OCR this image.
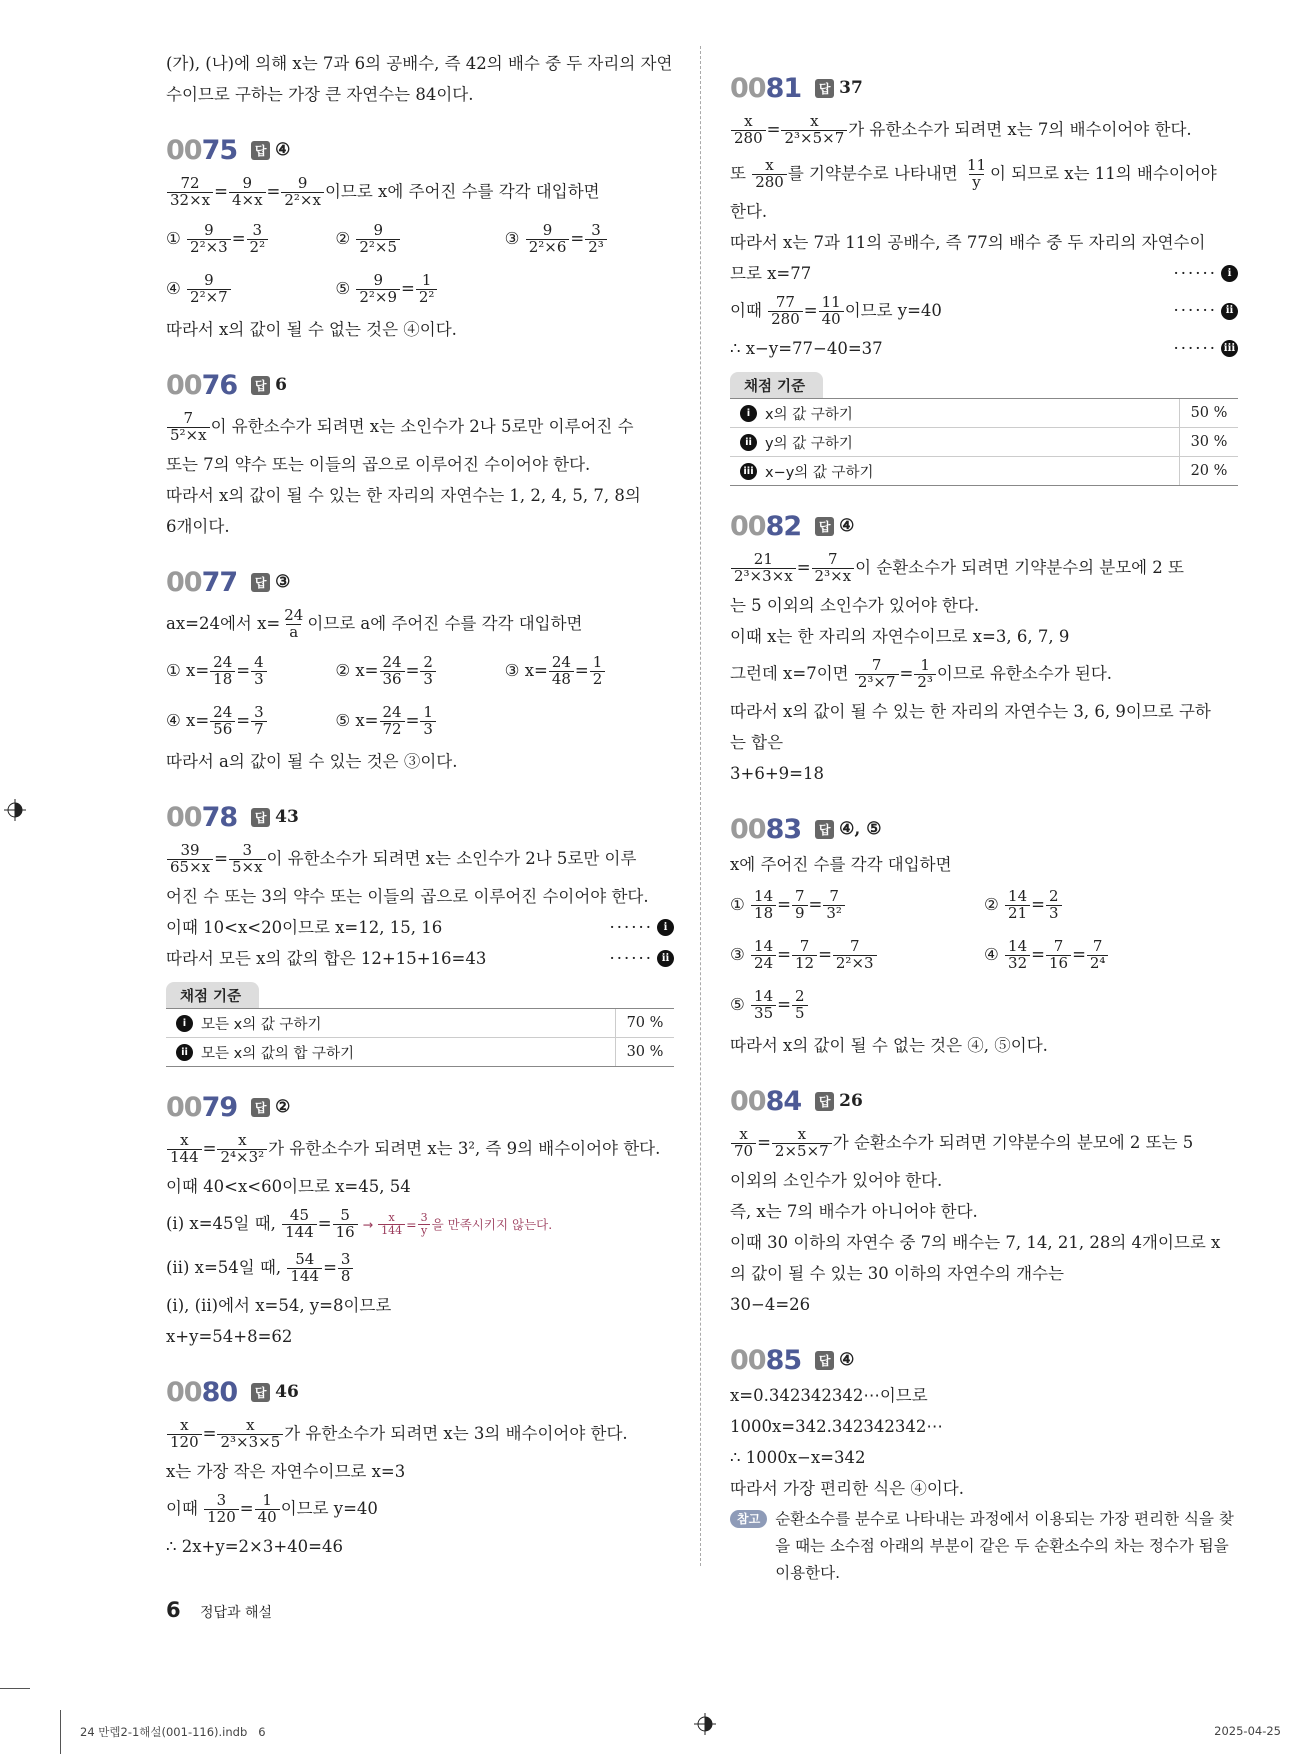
(가), (나)에 의해 x는 7과 6의 공배수, 즉 42의 배수 중 두 자리의 자연
수이므로 구하는 가장 큰 자연수는 84이다.
0075	답 ④
$\frac{72}{32\times x} = \frac{9}{4\times x} = \frac{9}{\text{2²×x}}$ 이므로 x에 주어진 수를 각각 대입하면
① $\frac{9}{\text{2²×3}} = \frac{3}{\text{2²}}$	② $\frac{9}{\text{2²×5}}$	③ $\frac{9}{\text{2²×6}} = \frac{3}{\text{2³}}$
④ $\frac{9}{\text{2²×7}}$	⑤ $\frac{9}{\text{2²×9}} = \frac{1}{\text{2²}}$
따라서 x의 값이 될 수 없는 것은 ④이다.
0076	답 6
$\frac{7}{\text{5²×x}}$ 이 유한소수가 되려면 x는 소인수가 2나 5로만 이루어진 수
또는 7의 약수 또는 이들의 곱으로 이루어진 수이어야 한다.
따라서 x의 값이 될 수 있는 한 자리의 자연수는 1, 2, 4, 5, 7, 8의
6개이다.
0077	답 ③
ax=24에서 $x= \frac{24}{a}$ 이므로 a에 주어진 수를 각각 대입하면
① $x= \frac{24}{18} = \frac{4}{3}$	② $x= \frac{24}{36} = \frac{2}{3}$	③ $x= \frac{24}{48} = \frac{1}{2}$
④ $x= \frac{24}{56} = \frac{3}{7}$	⑤ $x= \frac{24}{72} = \frac{1}{3}$
따라서 a의 값이 될 수 있는 것은 ③이다.
0078	답 43
$\frac{39}{65\times x} = \frac{3}{5\times x}$ 이 유한소수가 되려면 x는 소인수가 2나 5로만 이루
어진 수 또는 3의 약수 또는 이들의 곱으로 이루어진 수이어야 한다.
이때 10<x<20이므로 x=12, 15, 16	······	i
따라서 모든 x의 값의 합은 12+15+16=43	······ ii
채점 기준
i	모든 x의 값 구하기	70 %
ii 모든 x의 값의 합 구하기	30 %
0079	답 ②
$\frac{x}{144} = \frac{x}{\text{2⁴×3²}}$ 가 유한소수가 되려면 x는 3², 즉 9의 배수이어야 한다.
이때 40<x<60이므로 x=45, 54
(ⅰ) x=45일 때, $\frac{45}{144} = \frac{5}{16} \to \frac{x}{144} = \frac{3}{y}$ 을 만족시키지 않는다.
(ⅱ) x=54일 때, $\frac{54}{144} = \frac{3}{8}$
(ⅰ), (ⅱ)에서 x=54, y=8이므로
x+y=54+8=62
0080	답 46
$\frac{x}{120} = \frac{x}{\text{2³×3×5}}$ 가 유한소수가 되려면 x는 3의 배수이어야 한다.
x는 가장 작은 자연수이므로 x=3
이때 $\frac{3}{120} = \frac{1}{40}$ 이므로 y=40
∴ 2x+y=2×3+40=46
0081	답 37
$\frac{x}{280} = \frac{x}{\text{2³×5×7}}$ 가 유한소수가 되려면 x는 7의 배수이어야 한다.
또 $\frac{x}{280}$ 를 기약분수로 나타내면 $\frac{11}{y}$ 이 되므로 x는 11의 배수이어야
한다.
따라서 x는 7과 11의 공배수, 즉 77의 배수 중 두 자리의 자연수이
므로 x=77	······	i
이때 $\frac{77}{280} = \frac{11}{40}$ 이므로 y=40	······ ii
∴ x−y=77−40=37	······ iii
채점 기준
i	x의 값 구하기	50 %
ii y의 값 구하기	30 %
iii x−y의 값 구하기	20 %
0082	답 ④
$\frac{21}{\text{2³×3×x}} = \frac{7}{\text{2³×x}}$ 이 순환소수가 되려면 기약분수의 분모에 2 또
는 5 이외의 소인수가 있어야 한다.
이때 x는 한 자리의 자연수이므로 x=3, 6, 7, 9
그런데 x=7이면 $\frac{7}{\text{2³×7}} = \frac{1}{\text{2³}}$ 이므로 유한소수가 된다.
따라서 x의 값이 될 수 있는 한 자리의 자연수는 3, 6, 9이므로 구하
는 합은
3+6+9=18
0083	답 ④, ⑤
x에 주어진 수를 각각 대입하면
① $\frac{14}{18} = \frac{7}{9} = \frac{7}{\text{3²}}$	② $\frac{14}{21} = \frac{2}{3}$
③ $\frac{14}{24} = \frac{7}{12} = \frac{7}{\text{2²×3}}$	④ $\frac{14}{32} = \frac{7}{16} = \frac{7}{\text{2⁴}}$
⑤ $\frac{14}{35} = \frac{2}{5}$
따라서 x의 값이 될 수 없는 것은 ④, ⑤이다.
0084	답 26
$\frac{x}{70} = \frac{x}{2\times 5\times 7}$ 가 순환소수가 되려면 기약분수의 분모에 2 또는 5
이외의 소인수가 있어야 한다.
즉, x는 7의 배수가 아니어야 한다.
이때 30 이하의 자연수 중 7의 배수는 7, 14, 21, 28의 4개이므로 x
의 값이 될 수 있는 30 이하의 자연수의 개수는
30−4=26
0085	답 ④
x=0.342342342⋯이므로
1000x=342.342342342⋯
∴ 1000x−x=342
따라서 가장 편리한 식은 ④이다.
참고 순환소수를 분수로 나타내는 과정에서 이용되는 가장 편리한 식을 찾을 때는 소수점 아래의 부분이 같은 두 순환소수의 차는 정수가 됨을 이용한다.
6 정답과 해설
24 만렙2-1해설(001-116).indb   6	2025-04-25
